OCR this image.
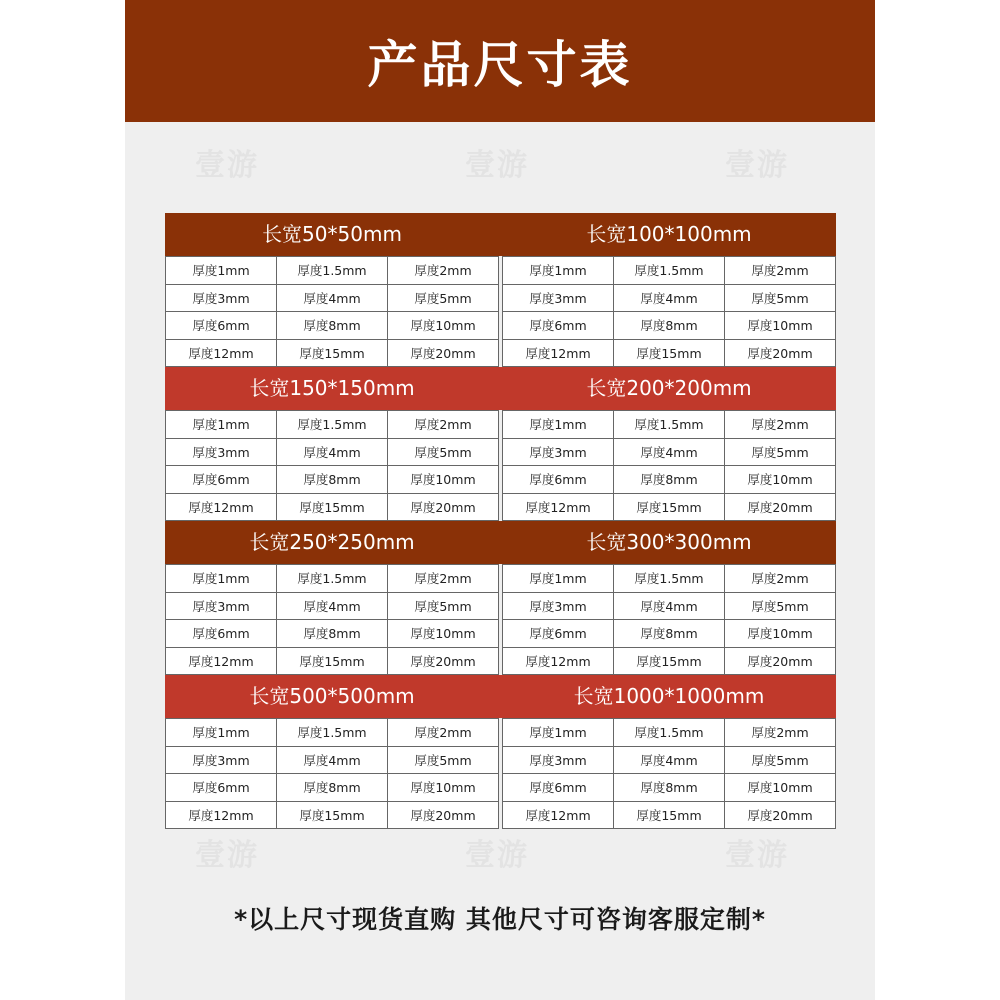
产品尺寸表
壹游	壹游	壹游
壹游	壹游	壹游
长宽50*50mm	长宽100*100mm
厚度1mm	厚度1.5mm	厚度2mm
厚度3mm	厚度4mm	厚度5mm
厚度6mm	厚度8mm	厚度10mm
厚度12mm	厚度15mm	厚度20mm
厚度1mm	厚度1.5mm	厚度2mm
厚度3mm	厚度4mm	厚度5mm
厚度6mm	厚度8mm	厚度10mm
厚度12mm	厚度15mm	厚度20mm
长宽150*150mm	长宽200*200mm
厚度1mm	厚度1.5mm	厚度2mm
厚度3mm	厚度4mm	厚度5mm
厚度6mm	厚度8mm	厚度10mm
厚度12mm	厚度15mm	厚度20mm
厚度1mm	厚度1.5mm	厚度2mm
厚度3mm	厚度4mm	厚度5mm
厚度6mm	厚度8mm	厚度10mm
厚度12mm	厚度15mm	厚度20mm
长宽250*250mm	长宽300*300mm
厚度1mm	厚度1.5mm	厚度2mm
厚度3mm	厚度4mm	厚度5mm
厚度6mm	厚度8mm	厚度10mm
厚度12mm	厚度15mm	厚度20mm
厚度1mm	厚度1.5mm	厚度2mm
厚度3mm	厚度4mm	厚度5mm
厚度6mm	厚度8mm	厚度10mm
厚度12mm	厚度15mm	厚度20mm
长宽500*500mm	长宽1000*1000mm
厚度1mm	厚度1.5mm	厚度2mm
厚度3mm	厚度4mm	厚度5mm
厚度6mm	厚度8mm	厚度10mm
厚度12mm	厚度15mm	厚度20mm
厚度1mm	厚度1.5mm	厚度2mm
厚度3mm	厚度4mm	厚度5mm
厚度6mm	厚度8mm	厚度10mm
厚度12mm	厚度15mm	厚度20mm
*以上尺寸现货直购 其他尺寸可咨询客服定制*
